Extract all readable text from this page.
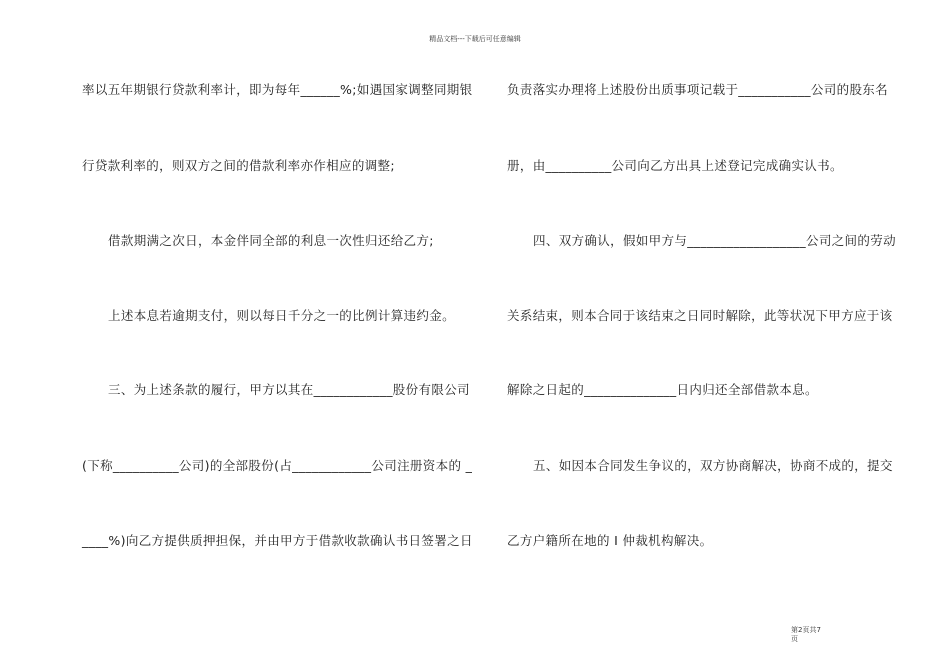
精品文档---下载后可任意编辑
率以五年期银行贷款利率计，即为每年______%;如遇国家调整同期银
行贷款利率的，则双方之间的借款利率亦作相应的调整;
借款期满之次日，本金伴同全部的利息一次性归还给乙方;
上述本息若逾期支付，则以每日千分之一的比例计算违约金。
三、为上述条款的履行，甲方以其在____________股份有限公司
(下称__________公司)的全部股份(占____________公司注册资本的 _
____%)向乙方提供质押担保，并由甲方于借款收款确认书日签署之日
负责落实办理将上述股份出质事项记载于___________公司的股东名
册，由__________公司向乙方出具上述登记完成确实认书。
四、双方确认，假如甲方与__________________公司之间的劳动
关系结束，则本合同于该结束之日同时解除，此等状况下甲方应于该
解除之日起的______________日内归还全部借款本息。
五、如因本合同发生争议的，双方协商解决，协商不成的，提交
乙方户籍所在地的 I 仲裁机构解决。
第2页共7
页
